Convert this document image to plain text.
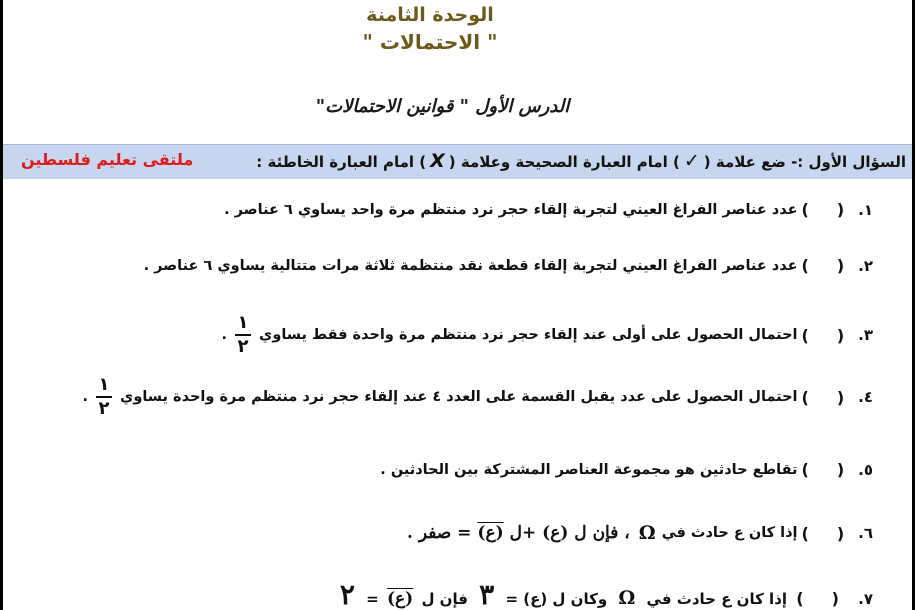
الوحدة الثامنة
" الاحتمالات "
الدرس الأول " قوانين الاحتمالات"
السؤال الأول :- ضع علامة (✓) امام العبارة الصحيحة وعلامة (X) امام العبارة الخاطئة :
ملتقى تعليم فلسطين
١.
()
عدد عناصر الفراغ العيني لتجربة إلقاء حجر نرد منتظم مرة واحد يساوي ٦ عناصر .
٢.
()
عدد عناصر الفراغ العيني لتجربة إلقاء قطعة نقد منتظمة ثلاثة مرات متتالية يساوي ٦ عناصر .
٣.
()
احتمال الحصول على أولى عند إلقاء حجر نرد منتظم مرة واحدة فقط يساوي
$\frac{١}{٢}$
.
٤.
()
احتمال الحصول على عدد يقبل القسمة على العدد ٤ عند إلقاء حجر نرد منتظم مرة واحدة يساوي
$\frac{١}{٢}$
.
٥.
()
تقاطع حادثين هو مجموعة العناصر المشتركة بين الحادثين .
٦.
()
إذا كان ع حادث في
Ω
، فإن ل (ع) +ل
(ع)
= صفر .
٧. () إذا كان ع حادث في Ω وكان ل (ع) = ٣ فإن ل (ع) = ٢
